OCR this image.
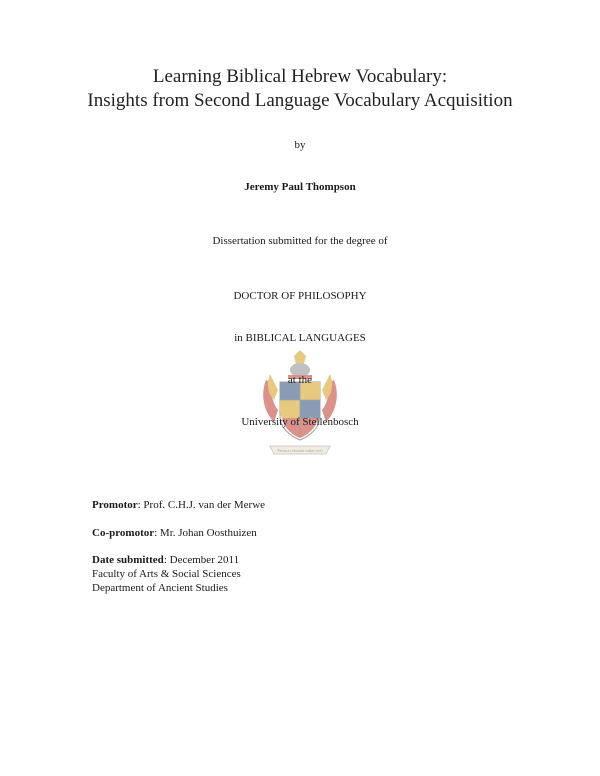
Learning Biblical Hebrew Vocabulary:
Insights from Second Language Vocabulary Acquisition
by
Jeremy Paul Thompson
Dissertation submitted for the degree of
DOCTOR OF PHILOSOPHY
in BIBLICAL LANGUAGES
Pectora roborant cultus recti
at the
University of Stellenbosch
Promotor: Prof. C.H.J. van der Merwe
Co-promotor: Mr. Johan Oosthuizen
Date submitted: December 2011
Faculty of Arts & Social Sciences
Department of Ancient Studies
